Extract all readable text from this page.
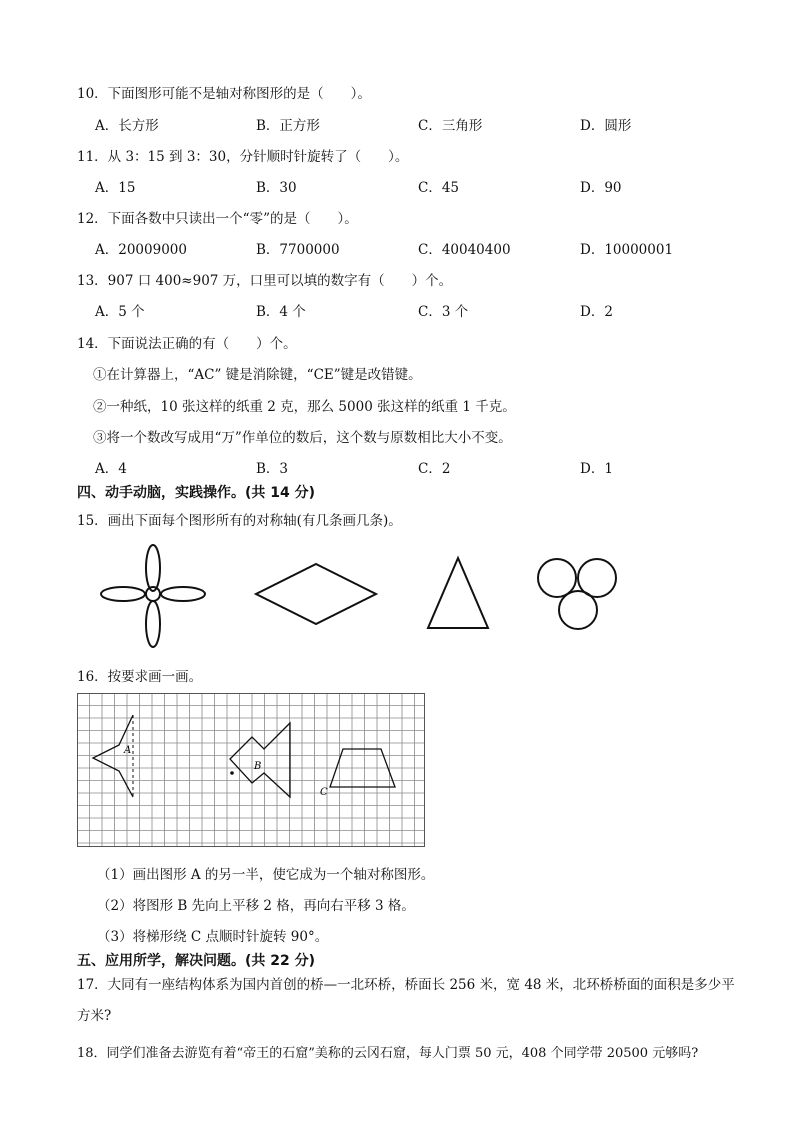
10．下面图形可能不是轴对称图形的是（　　）。
A．长方形	B．正方形	C．三角形	D．圆形
11．从 3：15 到 3：30，分针顺时针旋转了（　　）。
A．15	B．30	C．45	D．90
12．下面各数中只读出一个“零”的是（　　）。
A．20009000	B．7700000	C．40040400	D．10000001
13．907 口 400≈907 万，口里可以填的数字有（　　）个。
A．5 个	B．4 个	C．3 个	D．2
14．下面说法正确的有（　　）个。
①在计算器上，“AC” 键是消除键，“CE”键是改错键。
②一种纸，10 张这样的纸重 2 克，那么 5000 张这样的纸重 1 千克。
③将一个数改写成用“万”作单位的数后，这个数与原数相比大小不变。
A．4	B．3	C．2	D．1
四、动手动脑，实践操作。(共 14 分)
15．画出下面每个图形所有的对称轴(有几条画几条)。
16．按要求画一画。
A
B
C
（1）画出图形 A 的另一半，使它成为一个轴对称图形。
（2）将图形 B 先向上平移 2 格，再向右平移 3 格。
（3）将梯形绕 C 点顺时针旋转 90°。
五、应用所学，解决问题。(共 22 分)
17．大同有一座结构体系为国内首创的桥—一北环桥，桥面长 256 米，宽 48 米，北环桥桥面的面积是多少平方米?
18．同学们准备去游览有着“帝王的石窟”美称的云冈石窟，每人门票 50 元，408 个同学带 20500 元够吗?
